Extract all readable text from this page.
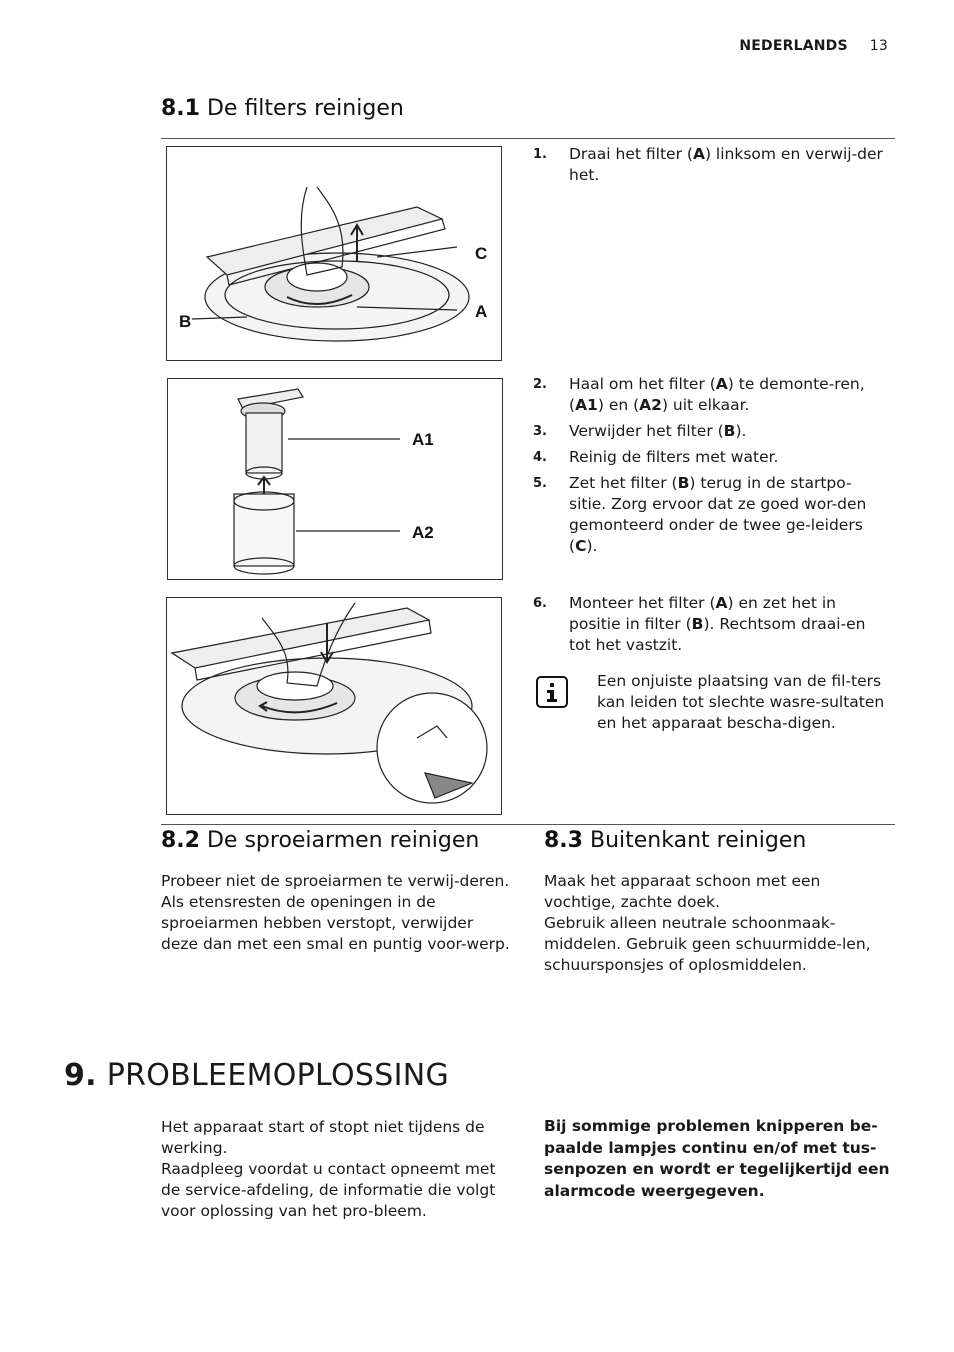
NEDERLANDS 13
8.1 De filters reinigen
C
A
B
1. Draai het filter (A) linksom en verwij-der het.
A1
A2
2. Haal om het filter (A) te demonte-ren, (A1) en (A2) uit elkaar.
3. Verwijder het filter (B).
4. Reinig de filters met water.
5. Zet het filter (B) terug in de startpo-sitie. Zorg ervoor dat ze goed wor-den gemonteerd onder de twee ge-leiders (C).
6. Monteer het filter (A) en zet het in positie in filter (B). Rechtsom draai-en tot het vastzit.
Een onjuiste plaatsing van de fil-ters kan leiden tot slechte wasre-sultaten en het apparaat bescha-digen.
8.2 De sproeiarmen reinigen
Probeer niet de sproeiarmen te verwij-deren.
Als etensresten de openingen in de sproeiarmen hebben verstopt, verwijder deze dan met een smal en puntig voor-werp.
8.3 Buitenkant reinigen
Maak het apparaat schoon met een vochtige, zachte doek.
Gebruik alleen neutrale schoonmaak-middelen. Gebruik geen schuurmidde-len, schuursponsjes of oplosmiddelen.
9. PROBLEEMOPLOSSING
Het apparaat start of stopt niet tijdens de werking.
Raadpleeg voordat u contact opneemt met de service-afdeling, de informatie die volgt voor oplossing van het pro-bleem.
Bij sommige problemen knipperen be-paalde lampjes continu en/of met tus-senpozen en wordt er tegelijkertijd een alarmcode weergegeven.
